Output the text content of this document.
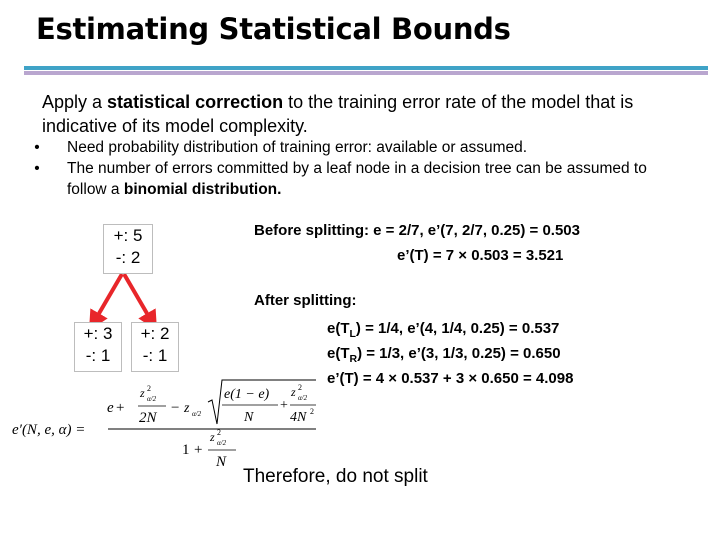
Estimating Statistical Bounds
Apply a statistical correction to the training error rate of the model that is indicative of its model complexity.
•	Need probability distribution of training error: available or assumed.
•	The number of errors committed by a leaf node in a decision tree can be assumed to follow a binomial distribution.
+: 5
-: 2
+: 3
-: 1
+: 2
-: 1
Before splitting: e = 2/7, e’(7, 2/7, 0.25) = 0.503
e’(T) = 7 × 0.503 = 3.521
After splitting:
$e(T_L) = 1/4$, e’(4, 1/4, 0.25) = 0.537
$e(T_R) = 1/3$, e’(3, 1/3, 0.25) = 0.650
e’(T) = 4 × 0.537 + 3 × 0.650 = 4.098
Therefore, do not split
e′(N, e, α) =
e +
z 2
α/2
2N
− z α/2
e(1 − e)
N
+
z 2
α/2
4N 2
1 +
z 2
α/2
N
